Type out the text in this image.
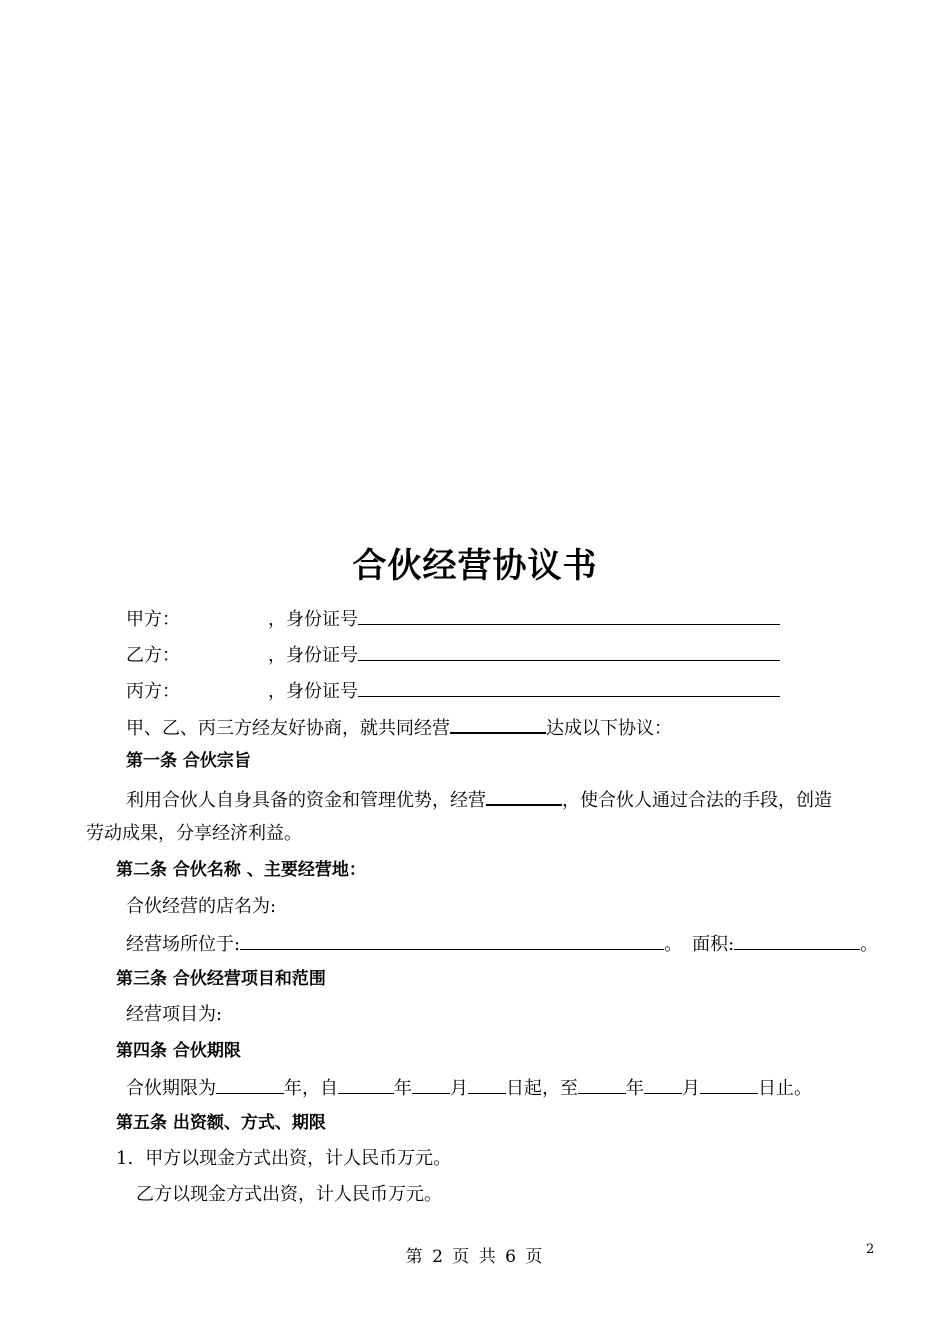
合伙经营协议书
甲方：	，身份证号
乙方：	，身份证号
丙方：	，身份证号
甲、乙、丙三方经友好协商，就共同经营	达成以下协议：
第一条 合伙宗旨
利用合伙人自身具备的资金和管理优势，经营	，使合伙人通过合法的手段，创造
劳动成果，分享经济利益。
第二条 合伙名称 、主要经营地：
合伙经营的店名为:
经营场所位于:	。 面积:	。
第三条 合伙经营项目和范围
经营项目为:
第四条 合伙期限
合伙期限为	年，自	年 月 日起，至	年 月	日止。
第五条 出资额、方式、期限
1. 甲方以现金方式出资，计人民币万元。
乙方以现金方式出资，计人民币万元。
第 2 页 共 6 页	2
